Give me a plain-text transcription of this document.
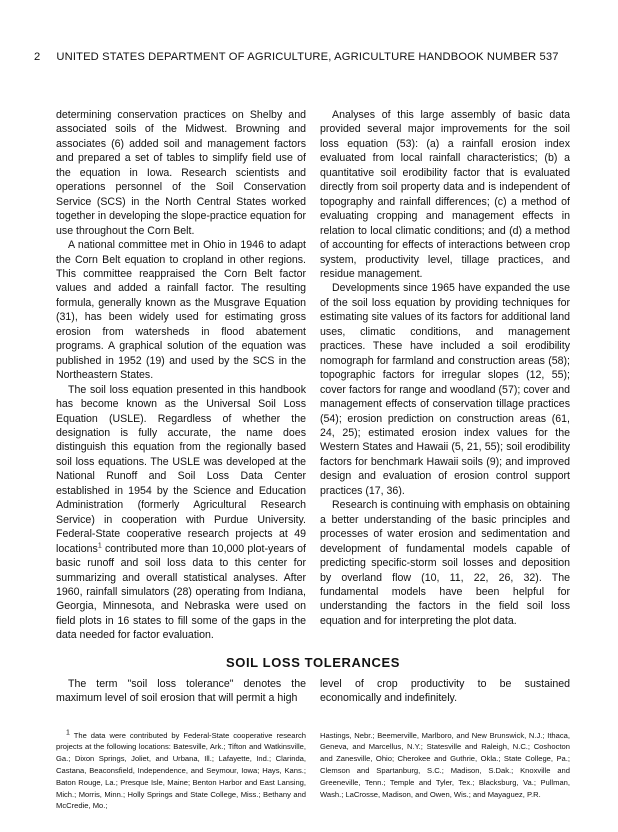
2 UNITED STATES DEPARTMENT OF AGRICULTURE, AGRICULTURE HANDBOOK NUMBER 537

determining conservation practices on Shelby and associated soils of the Midwest. Browning and associates (6) added soil and management factors and prepared a set of tables to simplify field use of the equation in Iowa. Research scientists and operations personnel of the Soil Conservation Service (SCS) in the North Central States worked together in developing the slope-practice equation for use throughout the Corn Belt.

A national committee met in Ohio in 1946 to adapt the Corn Belt equation to cropland in other regions. This committee reappraised the Corn Belt factor values and added a rainfall factor. The resulting formula, generally known as the Musgrave Equation (31), has been widely used for estimating gross erosion from watersheds in flood abatement programs. A graphical solution of the equation was published in 1952 (19) and used by the SCS in the Northeastern States.

The soil loss equation presented in this handbook has become known as the Universal Soil Loss Equation (USLE). Regardless of whether the designation is fully accurate, the name does distinguish this equation from the regionally based soil loss equations. The USLE was developed at the National Runoff and Soil Loss Data Center established in 1954 by the Science and Education Administration (formerly Agricultural Research Service) in cooperation with Purdue University. Federal-State cooperative research projects at 49 locations$^1$ contributed more than 10,000 plot-years of basic runoff and soil loss data to this center for summarizing and overall statistical analyses. After 1960, rainfall simulators (28) operating from Indiana, Georgia, Minnesota, and Nebraska were used on field plots in 16 states to fill some of the gaps in the data needed for factor evaluation.

Analyses of this large assembly of basic data provided several major improvements for the soil loss equation (53): (a) a rainfall erosion index evaluated from local rainfall characteristics; (b) a quantitative soil erodibility factor that is evaluated directly from soil property data and is independent of topography and rainfall differences; (c) a method of evaluating cropping and management effects in relation to local climatic conditions; and (d) a method of accounting for effects of interactions between crop system, productivity level, tillage practices, and residue management.

Developments since 1965 have expanded the use of the soil loss equation by providing techniques for estimating site values of its factors for additional land uses, climatic conditions, and management practices. These have included a soil erodibility nomograph for farmland and construction areas (58); topographic factors for irregular slopes (12, 55); cover factors for range and woodland (57); cover and management effects of conservation tillage practices (54); erosion prediction on construction areas (61, 24, 25); estimated erosion index values for the Western States and Hawaii (5, 21, 55); soil erodibility factors for benchmark Hawaii soils (9); and improved design and evaluation of erosion control support practices (17, 36).

Research is continuing with emphasis on obtaining a better understanding of the basic principles and processes of water erosion and sedimentation and development of fundamental models capable of predicting specific-storm soil losses and deposition by overland flow (10, 11, 22, 26, 32). The fundamental models have been helpful for understanding the factors in the field soil loss equation and for interpreting the plot data.

SOIL LOSS TOLERANCES
The term "soil loss tolerance" denotes the maximum level of soil erosion that will permit a high
level of crop productivity to be sustained economically and indefinitely.
$^1$ The data were contributed by Federal-State cooperative research projects at the following locations: Batesville, Ark.; Tifton and Watkinsville, Ga.; Dixon Springs, Joliet, and Urbana, Ill.; Lafayette, Ind.; Clarinda, Castana, Beaconsfield, Independence, and Seymour, Iowa; Hays, Kans.; Baton Rouge, La.; Presque Isle, Maine; Benton Harbor and East Lansing, Mich.; Morris, Minn.; Holly Springs and State College, Miss.; Bethany and McCredie, Mo.;
Hastings, Nebr.; Beemerville, Marlboro, and New Brunswick, N.J.; Ithaca, Geneva, and Marcellus, N.Y.; Statesville and Raleigh, N.C.; Coshocton and Zanesville, Ohio; Cherokee and Guthrie, Okla.; State College, Pa.; Clemson and Spartanburg, S.C.; Madison, S.Dak.; Knoxville and Greeneville, Tenn.; Temple and Tyler, Tex.; Blacksburg, Va.; Pullman, Wash.; LaCrosse, Madison, and Owen, Wis.; and Mayaguez, P.R.
